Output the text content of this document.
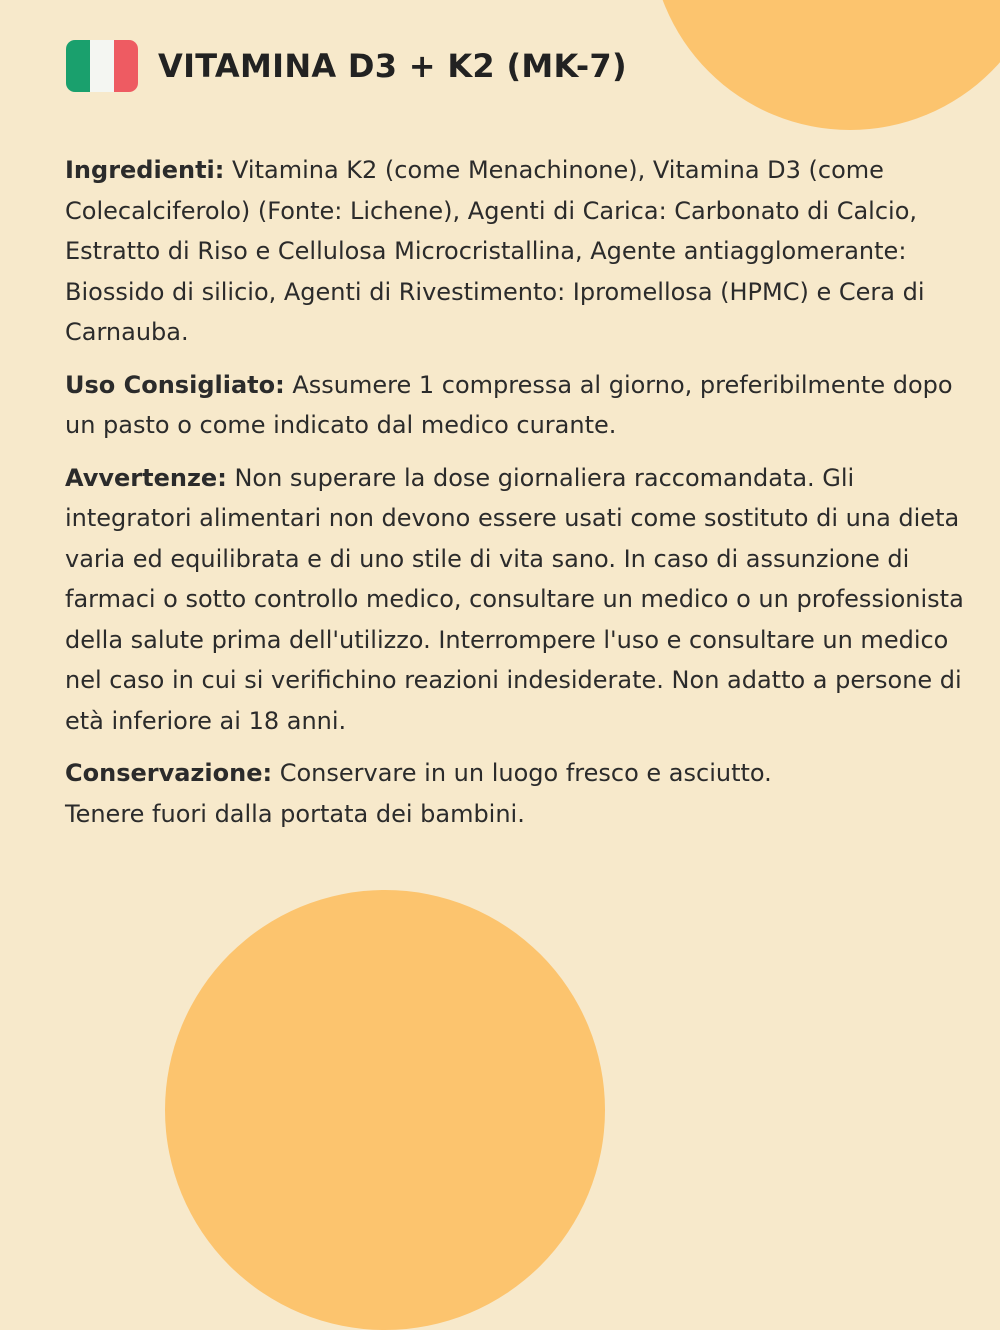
VITAMINA D3 + K2 (MK-7)

Ingredienti: Vitamina K2 (come Menachinone), Vitamina D3 (come Colecalciferolo) (Fonte: Lichene), Agenti di Carica: Carbonato di Calcio, Estratto di Riso e Cellulosa Microcristallina, Agente antiagglomerante: Biossido di silicio, Agenti di Rivestimento: Ipromellosa (HPMC) e Cera di Carnauba.

Uso Consigliato: Assumere 1 compressa al giorno, preferibilmente dopo un pasto o come indicato dal medico curante.

Avvertenze: Non superare la dose giornaliera raccomandata. Gli integratori alimentari non devono essere usati come sostituto di una dieta varia ed equilibrata e di uno stile di vita sano. In caso di assunzione di farmaci o sotto controllo medico, consultare un medico o un professionista della salute prima dell'utilizzo. Interrompere l'uso e consultare un medico nel caso in cui si verifichino reazioni indesiderate. Non adatto a persone di età inferiore ai 18 anni.

Conservazione: Conservare in un luogo fresco e asciutto.
Tenere fuori dalla portata dei bambini.
